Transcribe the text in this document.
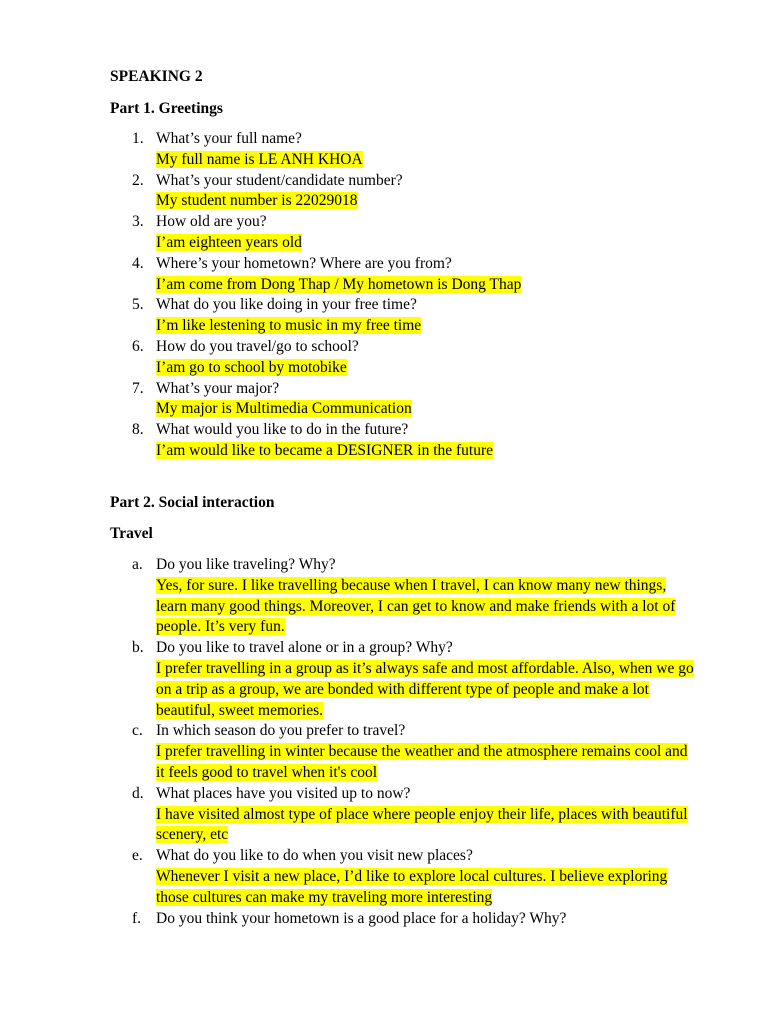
SPEAKING 2
Part 1. Greetings
1. What’s your full name?
My full name is LE ANH KHOA
2. What’s your student/candidate number?
My student number is 22029018
3. How old are you?
I’am eighteen years old
4. Where’s your hometown? Where are you from?
I’am come from Dong Thap / My hometown is Dong Thap
5. What do you like doing in your free time?
I’m like lestening to music in my free time
6. How do you travel/go to school?
I’am go to school by motobike
7. What’s your major?
My major is Multimedia Communication
8. What would you like to do in the future?
I’am would like to became a DESIGNER in the future
Part 2. Social interaction
Travel
a. Do you like traveling? Why?
Yes, for sure. I like travelling because when I travel, I can know many new things, learn many good things. Moreover, I can get to know and make friends with a lot of people. It’s very fun.
b. Do you like to travel alone or in a group? Why?
I prefer travelling in a group as it’s always safe and most affordable. Also, when we go on a trip as a group, we are bonded with different type of people and make a lot beautiful, sweet memories.
c. In which season do you prefer to travel?
I prefer travelling in winter because the weather and the atmosphere remains cool and it feels good to travel when it's cool
d. What places have you visited up to now?
I have visited almost type of place where people enjoy their life, places with beautiful scenery, etc
e. What do you like to do when you visit new places?
Whenever I visit a new place, I’d like to explore local cultures. I believe exploring those cultures can make my traveling more interesting
f. Do you think your hometown is a good place for a holiday? Why?
